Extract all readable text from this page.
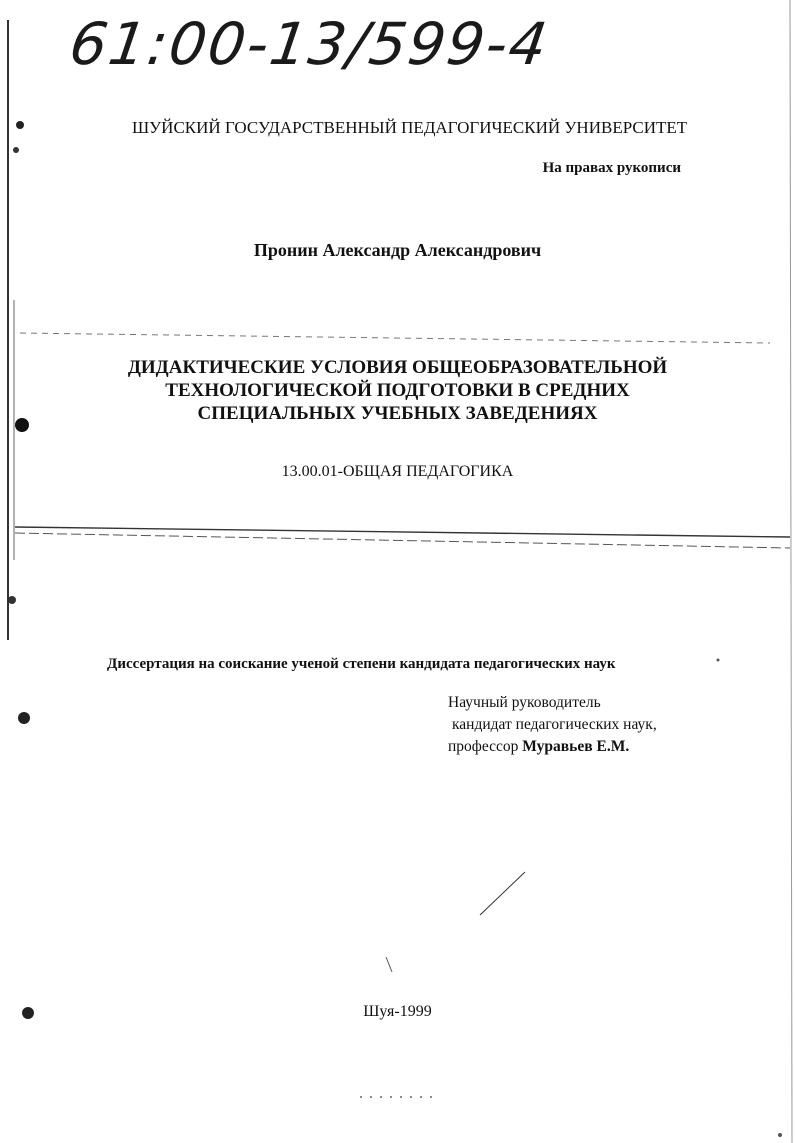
61:00-13/599-4
ШУЙСКИЙ ГОСУДАРСТВЕННЫЙ ПЕДАГОГИЧЕСКИЙ УНИВЕРСИТЕТ
На правах рукописи
Пронин Александр Александрович
ДИДАКТИЧЕСКИЕ УСЛОВИЯ ОБЩЕОБРАЗОВАТЕЛЬНОЙ
ТЕХНОЛОГИЧЕСКОЙ ПОДГОТОВКИ В СРЕДНИХ
СПЕЦИАЛЬНЫХ УЧЕБНЫХ ЗАВЕДЕНИЯХ
13.00.01-ОБЩАЯ ПЕДАГОГИКА
Диссертация на соискание ученой степени кандидата педагогических наук
Научный руководитель
кандидат педагогических наук,
профессор Муравьев Е.М.
Шуя-1999
